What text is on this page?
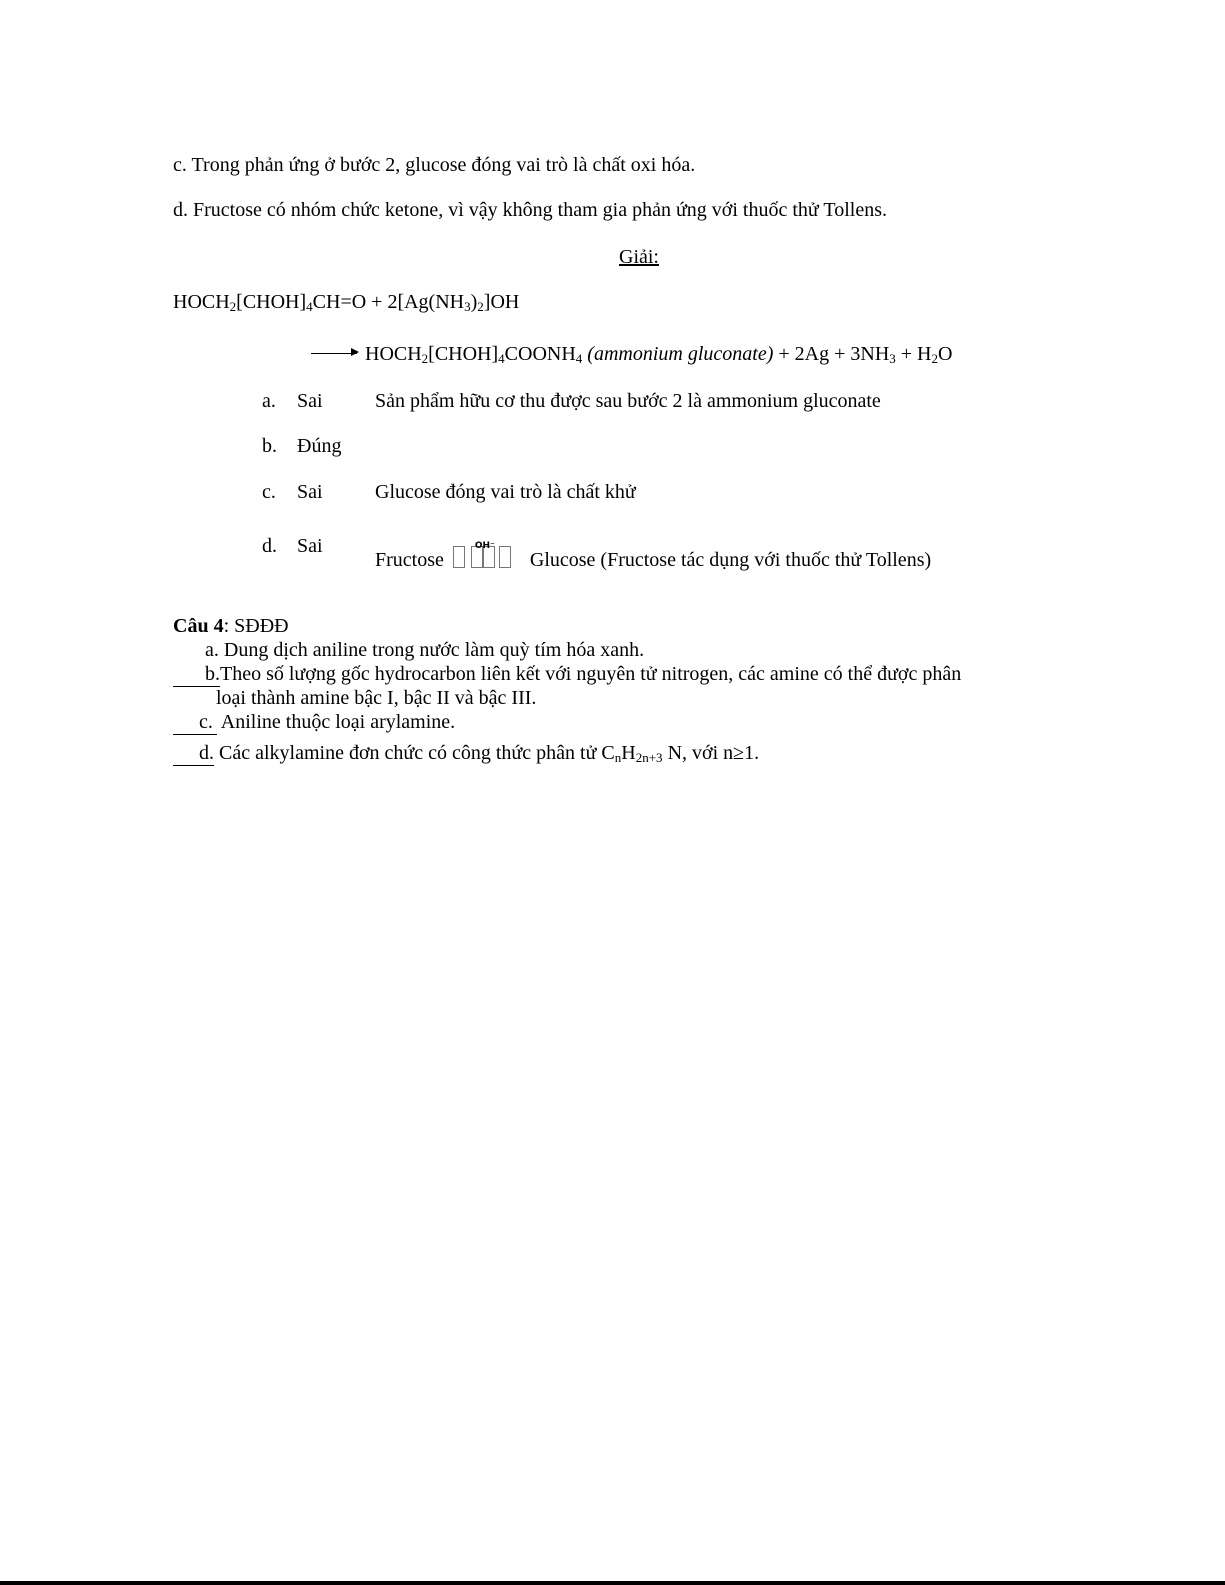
c. Trong phản ứng ở bước 2, glucose đóng vai trò là chất oxi hóa.
d. Fructose có nhóm chức ketone, vì vậy không tham gia phản ứng với thuốc thử Tollens.
Giải:
$HOCH_2[CHOH]_4CH=O + 2[Ag(NH_3)_2]OH$
→ $HOCH_2[CHOH]_4COONH_4$ (ammonium gluconate) + $2Ag + 3NH_3 + H_2O$
a. Sai	Sản phẩm hữu cơ thu được sau bước 2 là ammonium gluconate
b. Đúng
c. Sai	Glucose đóng vai trò là chất khử
d. Sai
Fructose
OH⁻
Glucose (Fructose tác dụng với thuốc thử Tollens)
Câu 4: SĐĐĐ
a. Dung dịch aniline trong nước làm quỳ tím hóa xanh.
b.Theo số lượng gốc hydrocarbon liên kết với nguyên tử nitrogen, các amine có thể được phân
loại thành amine bậc I, bậc II và bậc III.
c. Aniline thuộc loại arylamine.
d. Các alkylamine đơn chức có công thức phân tử $C_nH_{2n+3}$ N, với n≥1.
